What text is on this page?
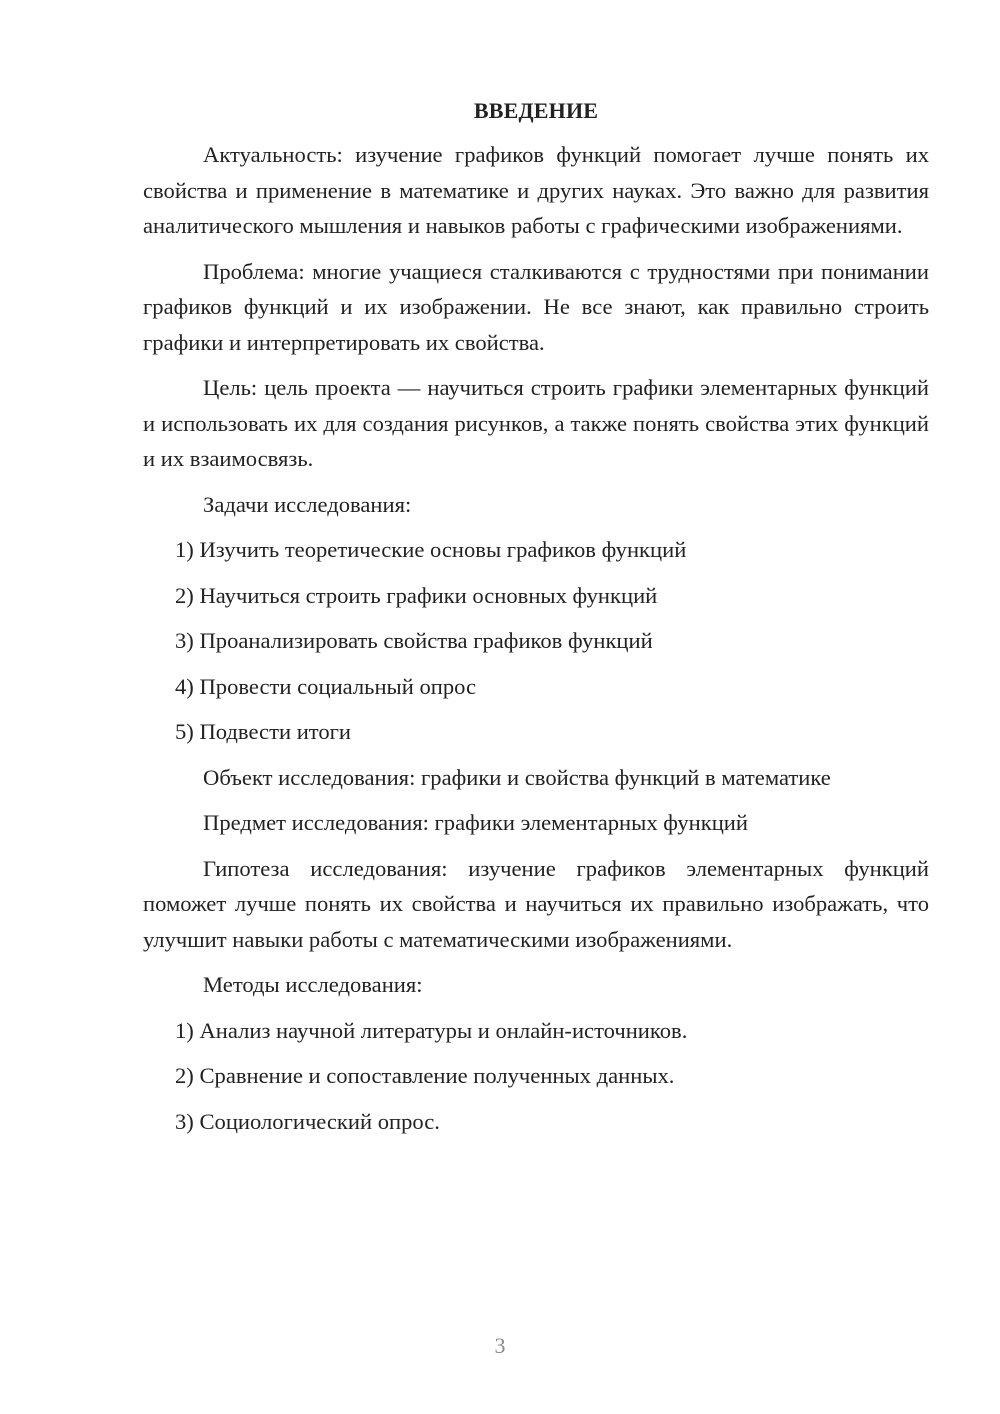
ВВЕДЕНИЕ

Актуальность: изучение графиков функций помогает лучше понять их свойства и применение в математике и других науках. Это важно для развития аналитического мышления и навыков работы с графическими изображениями.

Проблема: многие учащиеся сталкиваются с трудностями при понимании графиков функций и их изображении. Не все знают, как правильно строить графики и интерпретировать их свойства.

Цель: цель проекта — научиться строить графики элементарных функций и использовать их для создания рисунков, а также понять свойства этих функций и их взаимосвязь.

Задачи исследования:
1) Изучить теоретические основы графиков функций
2) Научиться строить графики основных функций
3) Проанализировать свойства графиков функций
4) Провести социальный опрос
5) Подвести итоги
Объект исследования: графики и свойства функций в математике
Предмет исследования: графики элементарных функций

Гипотеза исследования: изучение графиков элементарных функций поможет лучше понять их свойства и научиться их правильно изображать, что улучшит навыки работы с математическими изображениями.

Методы исследования:
1) Анализ научной литературы и онлайн-источников.
2) Сравнение и сопоставление полученных данных.
3) Социологический опрос.
3
